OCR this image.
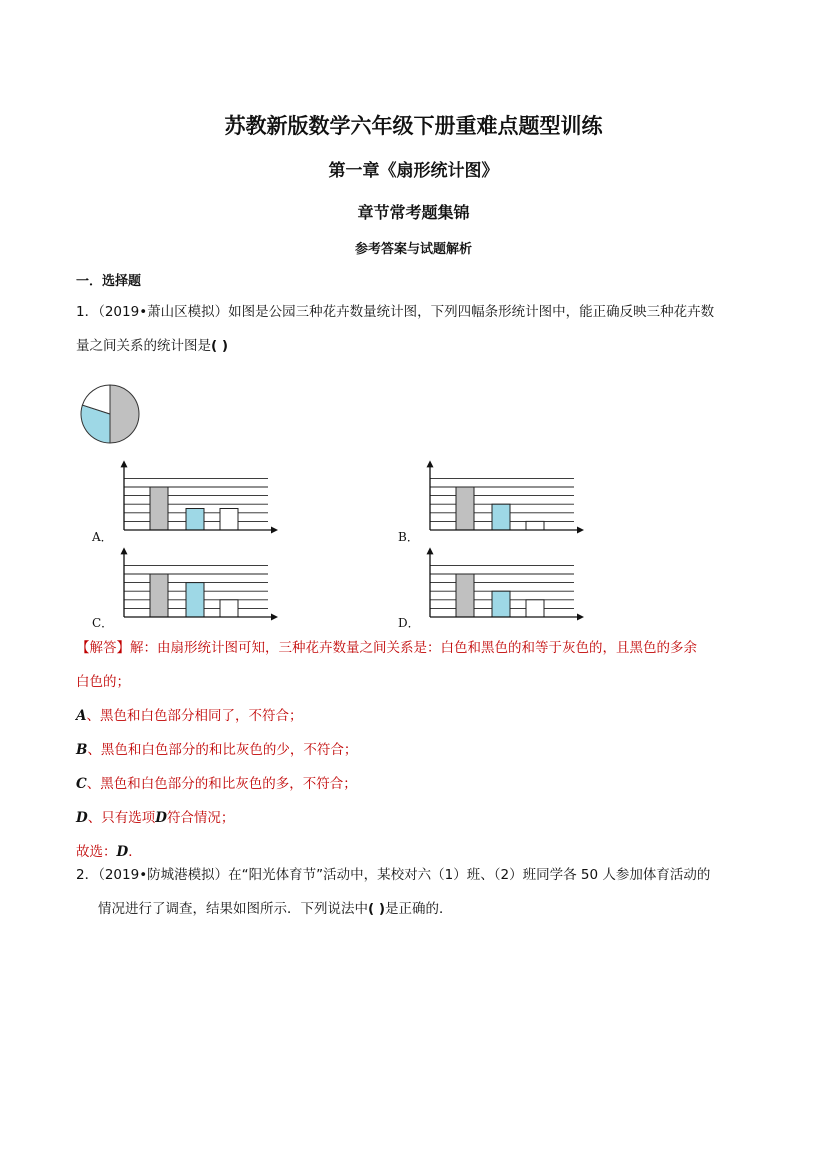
苏教新版数学六年级下册重难点题型训练
第一章《扇形统计图》
章节常考题集锦
参考答案与试题解析
一．选择题
1．（2019•萧山区模拟）如图是公园三种花卉数量统计图，下列四幅条形统计图中，能正确反映三种花卉数
量之间关系的统计图是( )
A．	B．
C．	D．
【解答】解：由扇形统计图可知，三种花卉数量之间关系是：白色和黑色的和等于灰色的，且黑色的多余
白色的；
A、黑色和白色部分相同了，不符合；
B、黑色和白色部分的和比灰色的少，不符合；
C、黑色和白色部分的和比灰色的多，不符合；
D、只有选项D符合情况；
故选：D．
2．（2019•防城港模拟）在“阳光体育节”活动中，某校对六（1）班、（2）班同学各 50 人参加体育活动的
情况进行了调查，结果如图所示．下列说法中( )是正确的．
